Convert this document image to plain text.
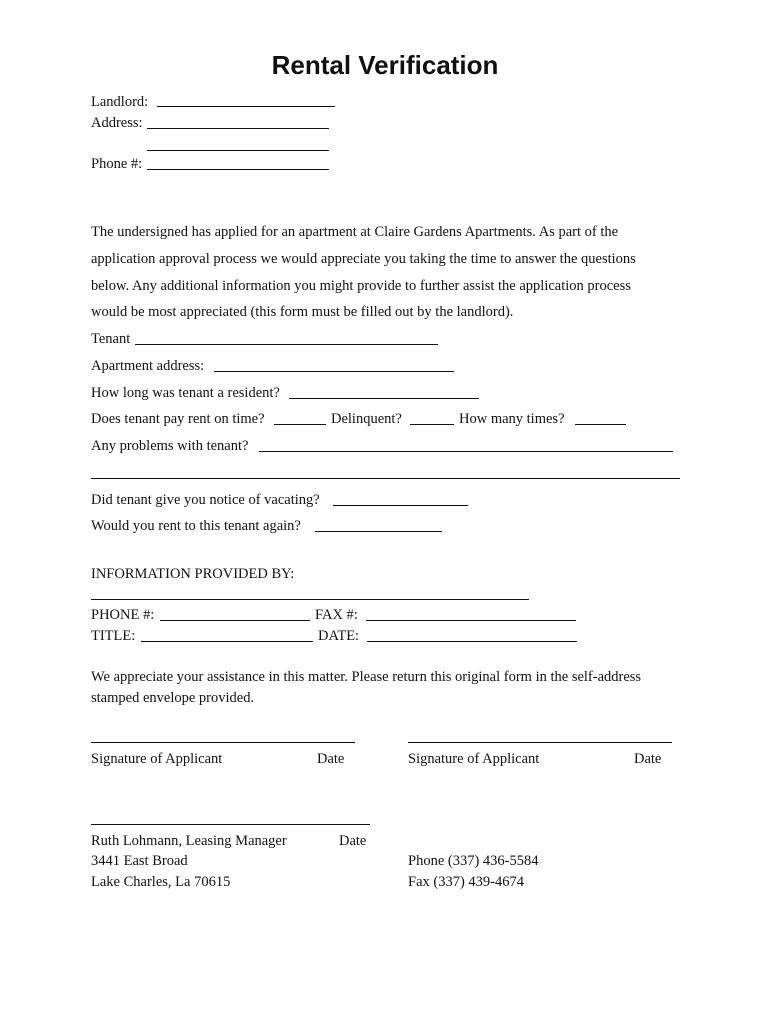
Rental Verification
Landlord:
Address:
Phone #:
The undersigned has applied for an apartment at Claire Gardens Apartments. As part of the
application approval process we would appreciate you taking the time to answer the questions
below. Any additional information you might provide to further assist the application process
would be most appreciated (this form must be filled out by the landlord).
Tenant
Apartment address:
How long was tenant a resident?
Does tenant pay rent on time?	Delinquent?	How many times?
Any problems with tenant?
Did tenant give you notice of vacating?
Would you rent to this tenant again?
INFORMATION PROVIDED BY:
PHONE #:	FAX #:
TITLE:	DATE:
We appreciate your assistance in this matter. Please return this original form in the self-address
stamped envelope provided.
Signature of Applicant	Date	Signature of Applicant	Date
Ruth Lohmann, Leasing Manager	Date
3441 East Broad
Lake Charles, La 70615
Phone (337) 436-5584
Fax (337) 439-4674
